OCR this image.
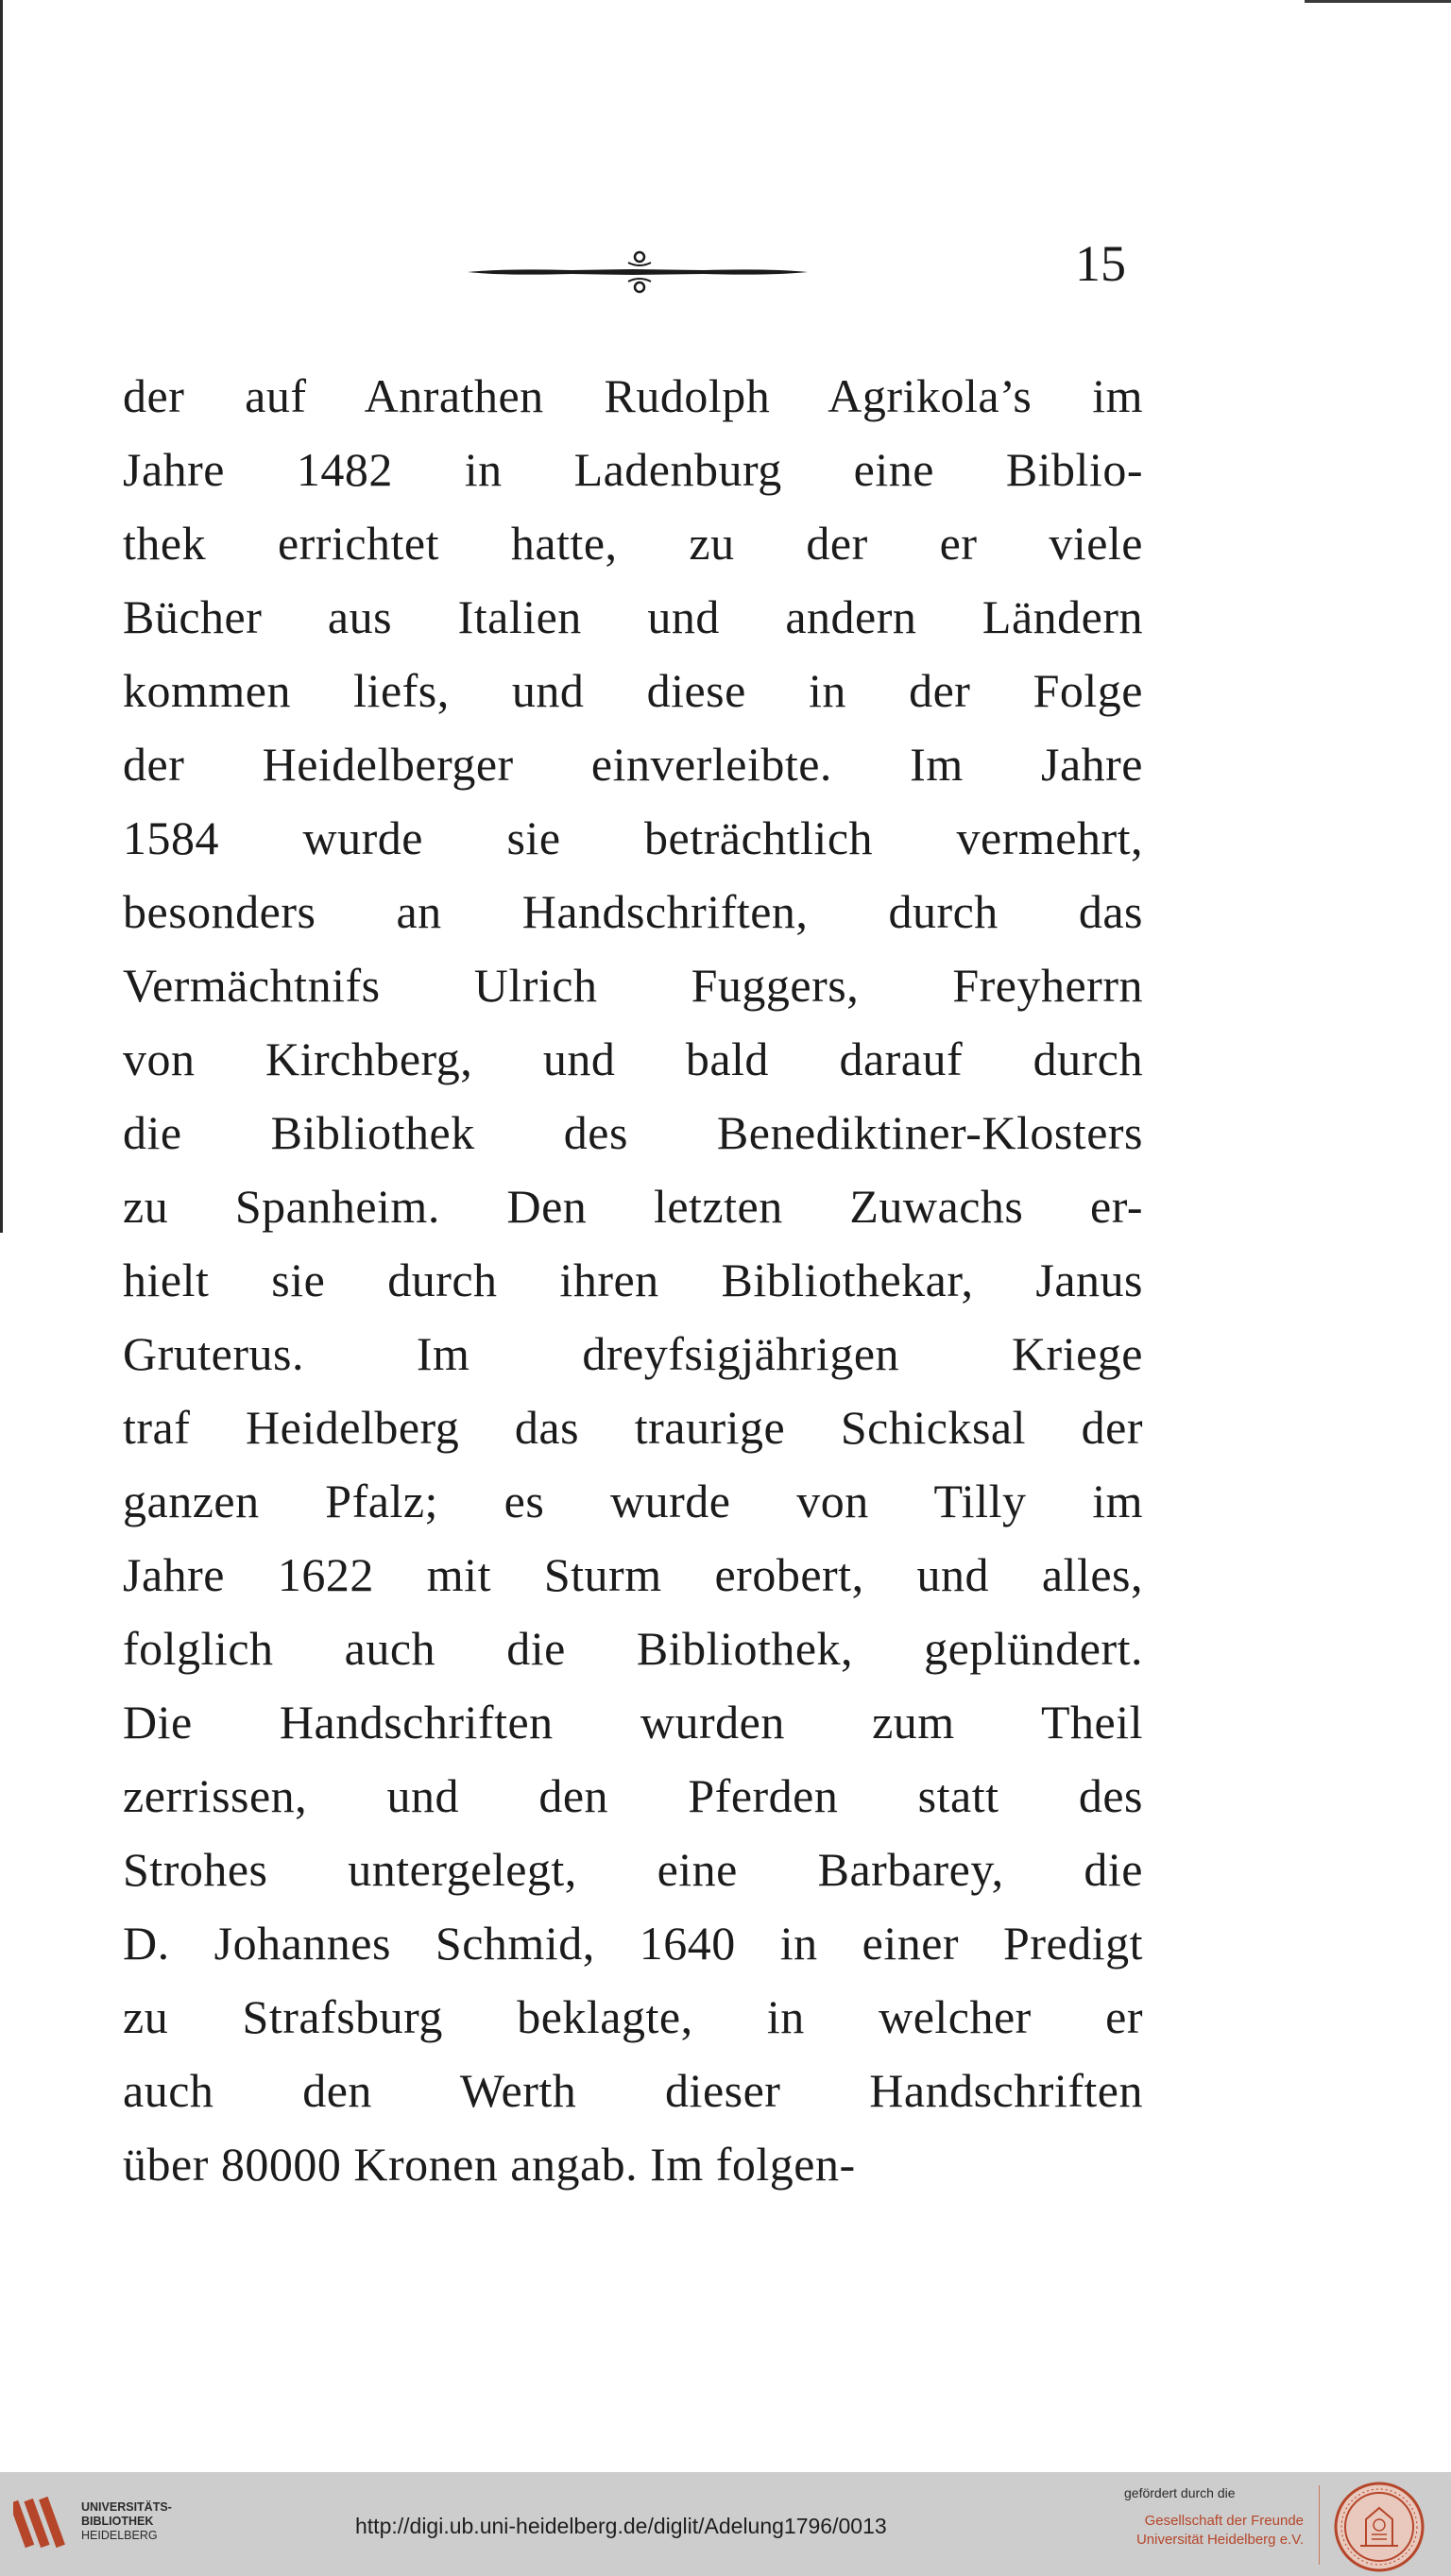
15
der auf Anrathen Rudolph Agrikola’s im
Jahre 1482 in Ladenburg eine Biblio-
thek errichtet hatte, zu der er viele
Bücher aus Italien und andern Ländern
kommen liefs, und diese in der Folge
der Heidelberger einverleibte. Im Jahre
1584 wurde sie beträchtlich vermehrt,
besonders an Handschriften, durch das
Vermächtnifs Ulrich Fuggers, Freyherrn
von Kirchberg, und bald darauf durch
die Bibliothek des Benediktiner-Klosters
zu Spanheim. Den letzten Zuwachs er-
hielt sie durch ihren Bibliothekar, Janus
Gruterus. Im dreyfsigjährigen Kriege
traf Heidelberg das traurige Schicksal der
ganzen Pfalz; es wurde von Tilly im
Jahre 1622 mit Sturm erobert, und alles,
folglich auch die Bibliothek, geplündert.
Die Handschriften wurden zum Theil
zerrissen, und den Pferden statt des
Strohes untergelegt, eine Barbarey, die
D. Johannes Schmid, 1640 in einer Predigt
zu Strafsburg beklagte, in welcher er
auch den Werth dieser Handschriften
über 80000 Kronen angab. Im folgen-
UNIVERSITÄTS-
BIBLIOTHEK
HEIDELBERG	http://digi.ub.uni-heidelberg.de/diglit/Adelung1796/0013
gefördert durch die
Gesellschaft der Freunde
Universität Heidelberg e.V.
